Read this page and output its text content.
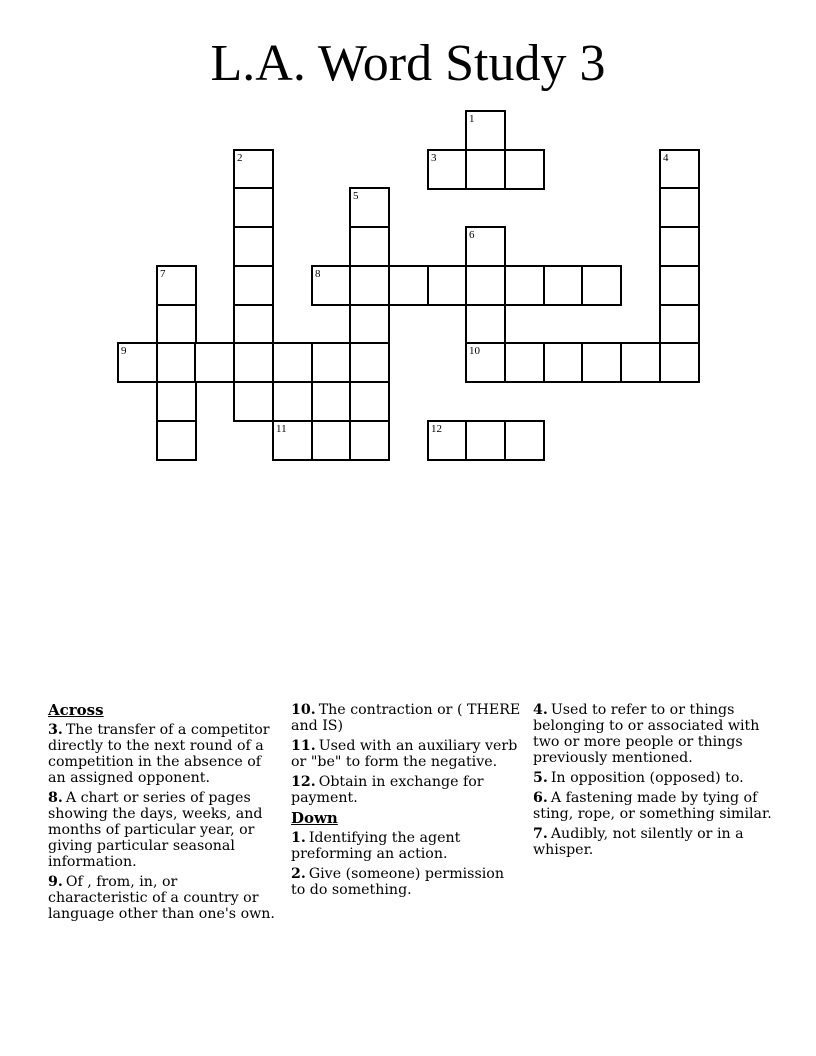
L.A. Word Study 3
1
2	3	4
5
6
7	8
9	10
11	12
Across
3. The transfer of a competitor directly to the next round of a competition in the absence of an assigned opponent.
8. A chart or series of pages showing the days, weeks, and months of particular year, or giving particular seasonal information.
9. Of , from, in, or characteristic of a country or language other than one's own.
10. The contraction or ( THERE and IS)
11. Used with an auxiliary verb or "be" to form the negative.
12. Obtain in exchange for payment.
Down
1. Identifying the agent preforming an action.
2. Give (someone) permission to do something.
4. Used to refer to or things belonging to or associated with two or more people or things previously mentioned.
5. In opposition (opposed) to.
6. A fastening made by tying of sting, rope, or something similar.
7. Audibly, not silently or in a whisper.
